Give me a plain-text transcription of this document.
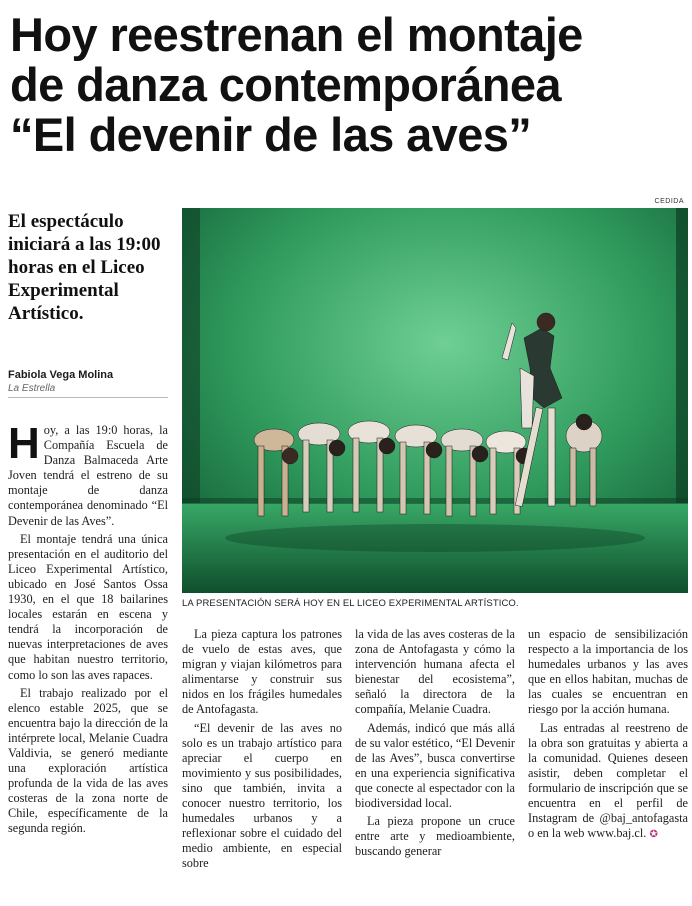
Hoy reestrenan el montaje
de danza contemporánea
“El devenir de las aves”
El espectáculo iniciará a las 19:00 horas en el Liceo Experimental Artístico.
Fabiola Vega Molina
La Estrella
CEDIDA
LA PRESENTACIÓN SERÁ HOY EN EL LICEO EXPERIMENTAL ARTÍSTICO.

Hoy, a las 19:0 horas, la Compañía Escuela de Danza Balmaceda Arte Joven tendrá el estreno de su montaje de danza contemporánea denominado “El Devenir de las Aves”.

El montaje tendrá una única presentación en el auditorio del Liceo Experimental Artístico, ubicado en José Santos Ossa 1930, en el que 18 bailarines locales estarán en escena y tendrá la incorporación de nuevas interpretaciones de aves que habitan nuestro territorio, como lo son las aves rapaces.

El trabajo realizado por el elenco estable 2025, que se encuentra bajo la dirección de la intérprete local, Melanie Cuadra Valdivia, se generó mediante una exploración artística profunda de la vida de las aves costeras de la zona norte de Chile, específicamente de la segunda región.

La pieza captura los patrones de vuelo de estas aves, que migran y viajan kilómetros para alimentarse y construir sus nidos en los frágiles humedales de Antofagasta.

“El devenir de las aves no solo es un trabajo artístico para apreciar el cuerpo en movimiento y sus posibilidades, sino que también, invita a conocer nuestro territorio, los humedales urbanos y a reflexionar sobre el cuidado del medio ambiente, en especial sobre

la vida de las aves costeras de la zona de Antofagasta y cómo la intervención humana afecta el bienestar del ecosistema”, señaló la directora de la compañía, Melanie Cuadra.

Además, indicó que más allá de su valor estético, “El Devenir de las Aves”, busca convertirse en una experiencia significativa que conecte al espectador con la biodiversidad local.

La pieza propone un cruce entre arte y medioambiente, buscando generar

un espacio de sensibilización respecto a la importancia de los humedales urbanos y las aves que en ellos habitan, muchas de las cuales se encuentran en riesgo por la acción humana.

Las entradas al reestreno de la obra son gratuitas y abierta a la comunidad. Quienes deseen asistir, deben completar el formulario de inscripción que se encuentra en el perfil de Instagram de @baj_antofagasta o en la web www.baj.cl. ✪
